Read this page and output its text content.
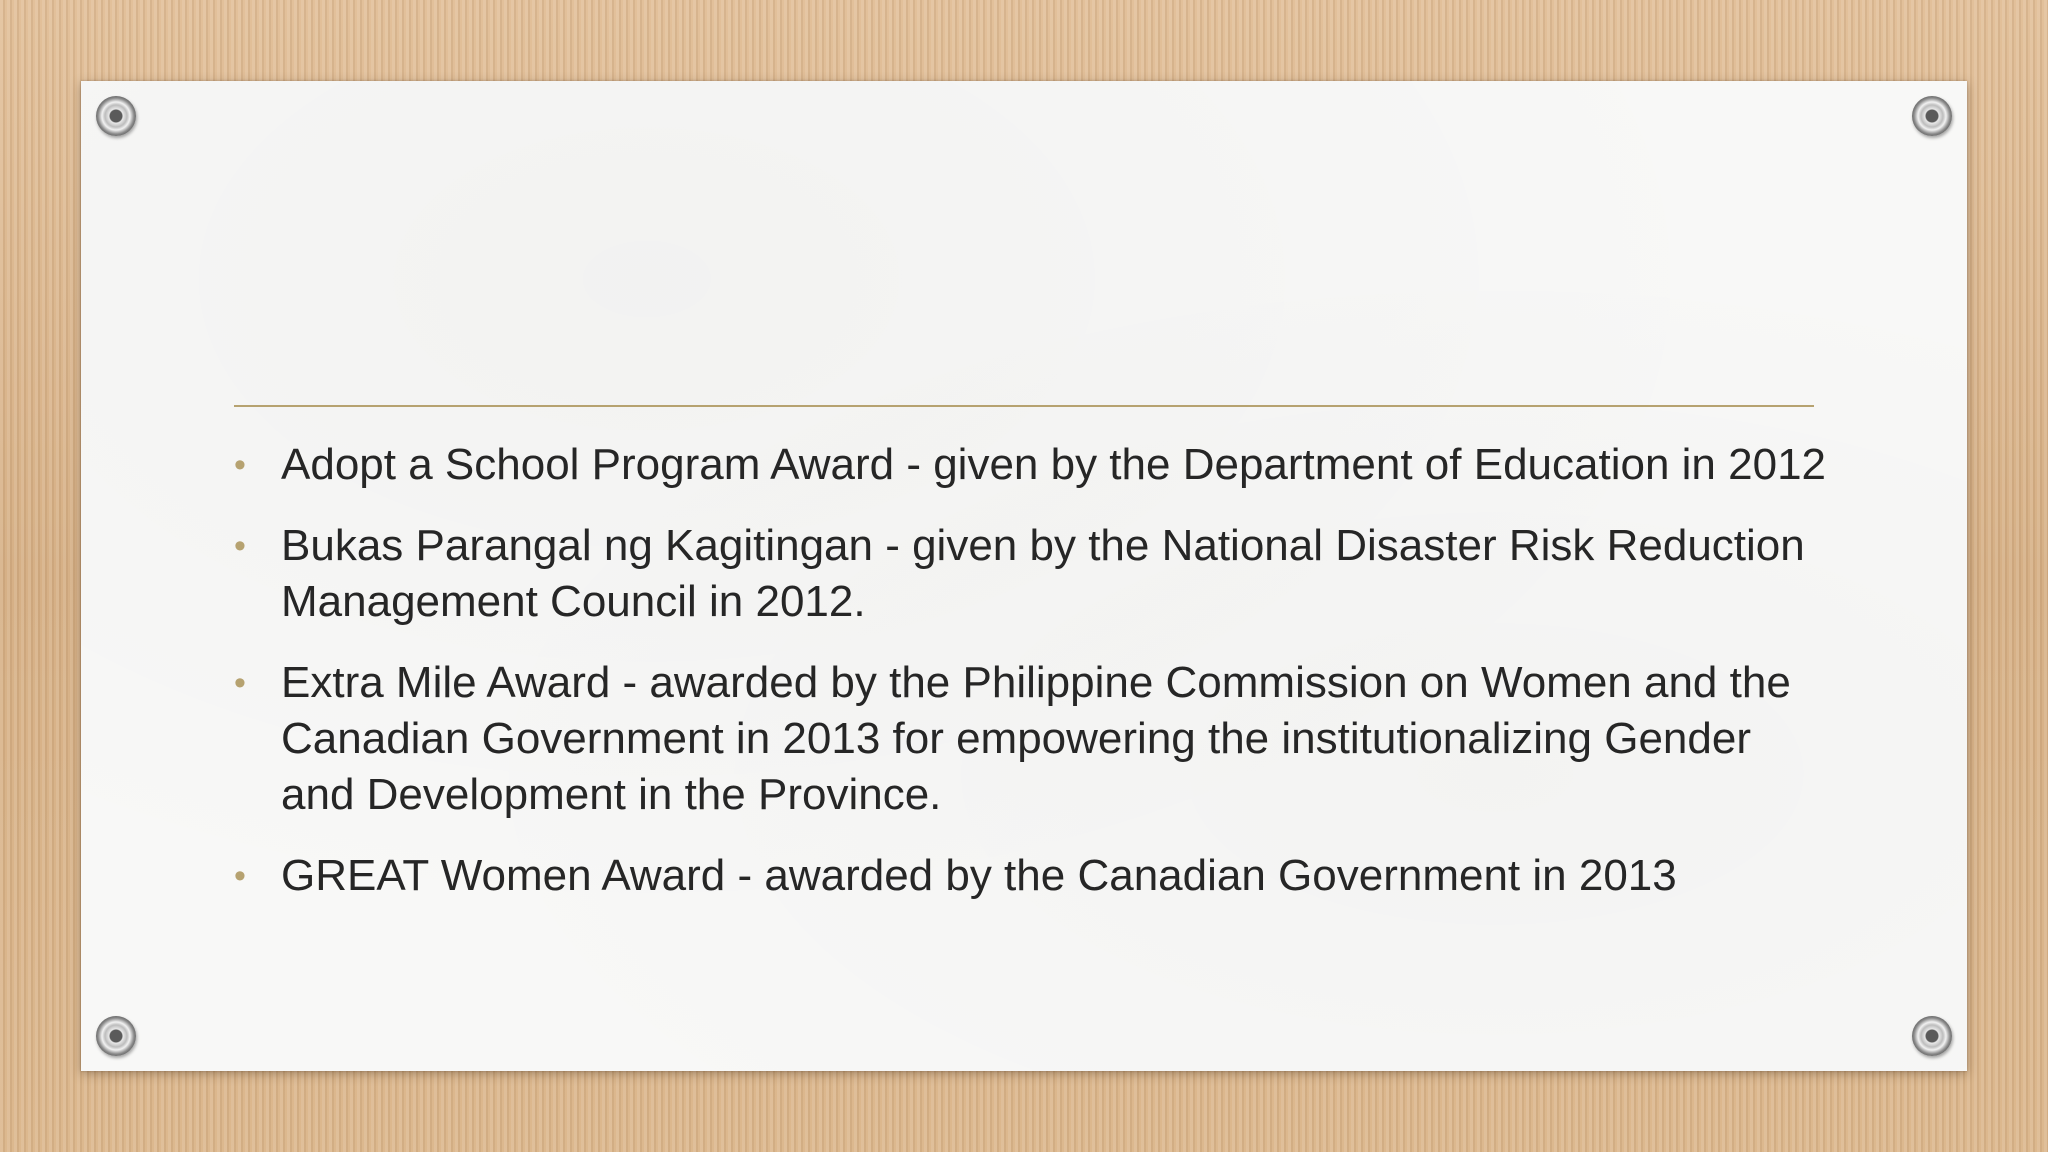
• Adopt a School Program Award - given by the Department of Education in 2012
• Bukas Parangal ng Kagitingan - given by the National Disaster Risk Reduction Management Council in 2012.
• Extra Mile Award - awarded by the Philippine Commission on Women and the Canadian Government in 2013 for empowering the institutionalizing Gender and Development in the Province.
• GREAT Women Award - awarded by the Canadian Government in 2013
